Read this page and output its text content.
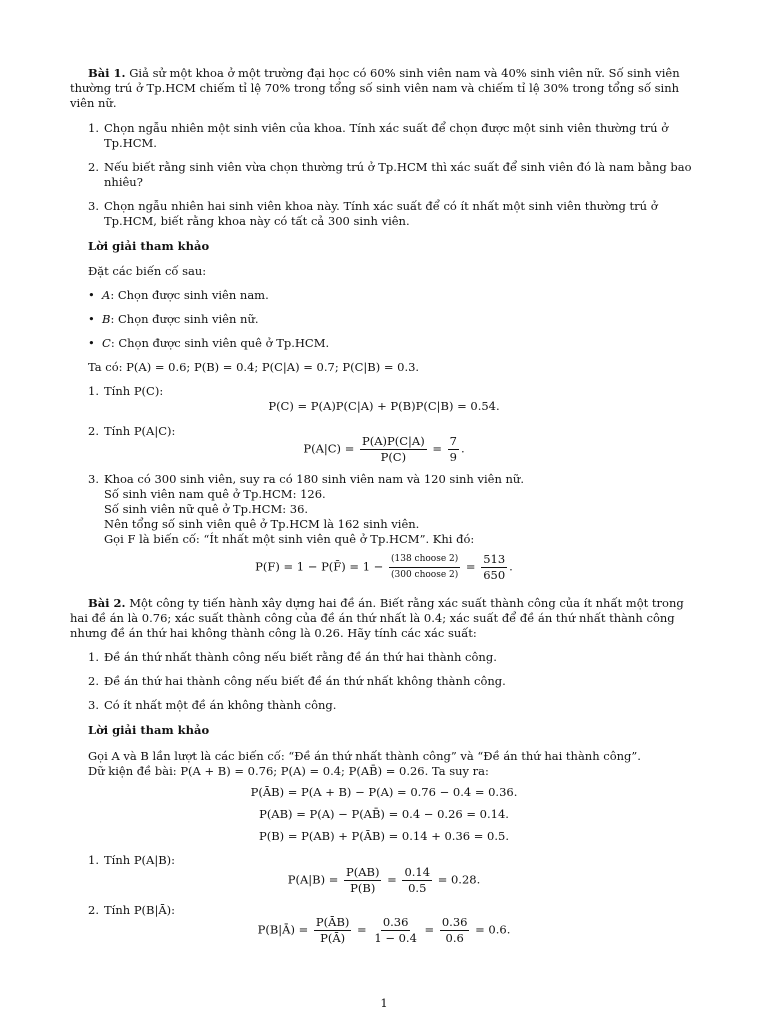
Bài 1. Giả sử một khoa ở một trường đại học có 60% sinh viên nam và 40% sinh viên nữ. Số sinh viên thường trú ở Tp.HCM chiếm tỉ lệ 70% trong tổng số sinh viên nam và chiếm tỉ lệ 30% trong tổng số sinh viên nữ.

1. Chọn ngẫu nhiên một sinh viên của khoa. Tính xác suất để chọn được một sinh viên thường trú ở Tp.HCM.
2. Nếu biết rằng sinh viên vừa chọn thường trú ở Tp.HCM thì xác suất để sinh viên đó là nam bằng bao nhiêu?
3. Chọn ngẫu nhiên hai sinh viên khoa này. Tính xác suất để có ít nhất một sinh viên thường trú ở Tp.HCM, biết rằng khoa này có tất cả 300 sinh viên.

Lời giải tham khảo

Đặt các biến cố sau:

• A: Chọn được sinh viên nam.
• B: Chọn được sinh viên nữ.
• C: Chọn được sinh viên quê ở Tp.HCM.

Ta có: P(A) = 0.6; P(B) = 0.4; P(C|A) = 0.7; P(C|B) = 0.3.

1. Tính P(C):
P(C) = P(A)P(C|A) + P(B)P(C|B) = 0.54.
2. Tính P(A|C):
$P(A|C) = \frac{P(A)P(C|A)}{P(C)} = \frac{7}{9}$ .
3. Khoa có 300 sinh viên, suy ra có 180 sinh viên nam và 120 sinh viên nữ.
Số sinh viên nam quê ở Tp.HCM: 126.
Số sinh viên nữ quê ở Tp.HCM: 36.
Nên tổng số sinh viên quê ở Tp.HCM là 162 sinh viên.
Gọi F là biến cố: “Ít nhất một sinh viên quê ở Tp.HCM”. Khi đó:
P(F) = 1 − P(F̄) = $1 - \frac{\text{(138 choose 2)}}{\text{(300 choose 2)}} = \frac{513}{650}$ .

Bài 2. Một công ty tiến hành xây dựng hai đề án. Biết rằng xác suất thành công của ít nhất một trong hai đề án là 0.76; xác suất thành công của đề án thứ nhất là 0.4; xác suất để đề án thứ nhất thành công nhưng đề án thứ hai không thành công là 0.26. Hãy tính các xác suất:

1. Đề án thứ nhất thành công nếu biết rằng đề án thứ hai thành công.
2. Đề án thứ hai thành công nếu biết đề án thứ nhất không thành công.
3. Có ít nhất một đề án không thành công.

Lời giải tham khảo

Gọi A và B lần lượt là các biến cố: “Đề án thứ nhất thành công” và “Đề án thứ hai thành công”.
Dữ kiện đề bài: P(A + B) = 0.76; P(A) = 0.4; P(AB̄) = 0.26. Ta suy ra:

P(ĀB) = P(A + B) − P(A) = 0.76 − 0.4 = 0.36.
P(AB) = P(A) − P(AB̄) = 0.4 − 0.26 = 0.14.
P(B) = P(AB) + P(ĀB) = 0.14 + 0.36 = 0.5.
1. Tính P(A|B):
$P(A|B) = \frac{P(AB)}{P(B)} = \frac{0.14}{0.5} = 0.28$.
2. Tính P(B|Ā):
P(B|Ā) = $\frac{P(ĀB)}{P(Ā)} = \frac{0.36}{1 - 0.4} = \frac{0.36}{0.6} = 0.6$.
1
